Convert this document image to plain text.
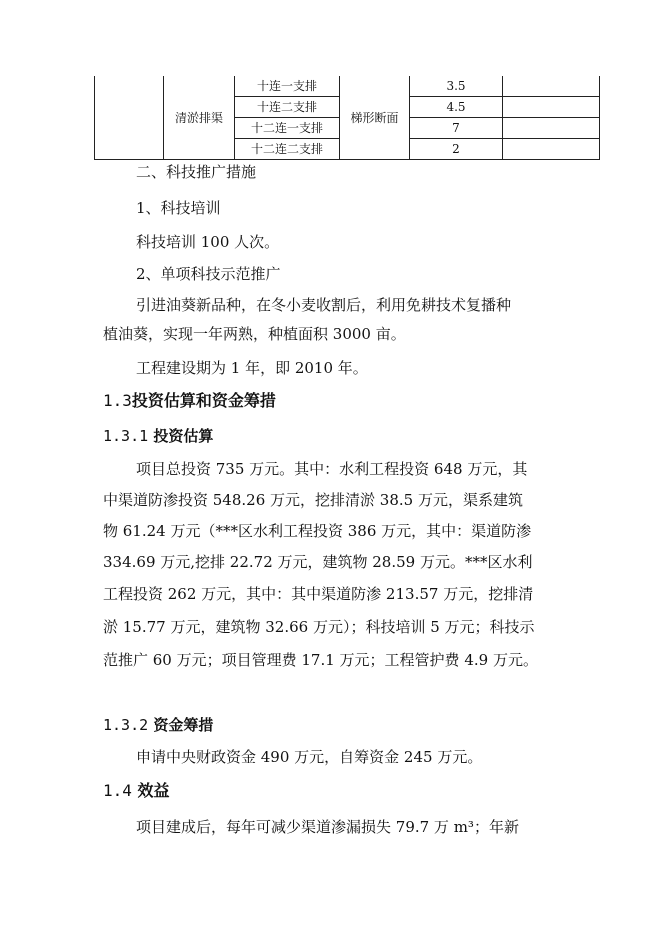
	清淤排渠	十连一支排	梯形断面	3.5	
		十连二支排		4.5	
		十二连一支排		7	
		十二连二支排		2	

二、科技推广措施

1、科技培训

科技培训 100 人次。

2、单项科技示范推广

引进油葵新品种，在冬小麦收割后，利用免耕技术复播种

植油葵，实现一年两熟，种植面积 3000 亩。

工程建设期为 1 年，即 2010 年。

1.3投资估算和资金筹措
1.3.1 投资估算

项目总投资 735 万元。其中：水利工程投资 648 万元，其

中渠道防渗投资 548.26 万元，挖排清淤 38.5 万元，渠系建筑

物 61.24 万元（***区水利工程投资 386 万元，其中：渠道防渗

334.69 万元,挖排 22.72 万元，建筑物 28.59 万元。***区水利

工程投资 262 万元，其中：其中渠道防渗 213.57 万元，挖排清

淤 15.77 万元，建筑物 32.66 万元）；科技培训 5 万元；科技示

范推广 60 万元；项目管理费 17.1 万元；工程管护费 4.9 万元。

1.3.2 资金筹措

申请中央财政资金 490 万元，自筹资金 245 万元。

1.4 效益

项目建成后，每年可减少渠道渗漏损失 79.7 万 m³；年新
